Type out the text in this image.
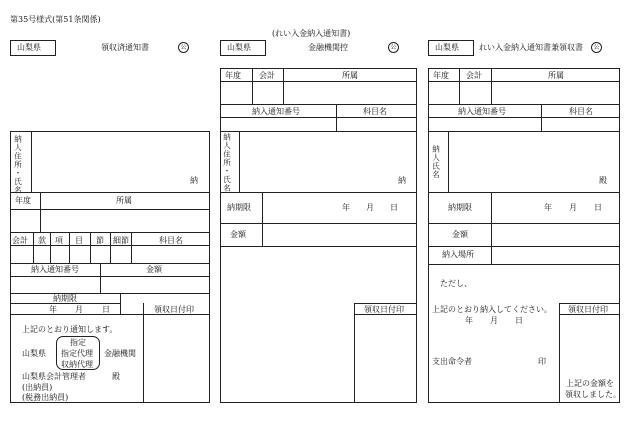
第35号様式(第51条関係)
(れい入金納入通知書)
山梨県	領収済通知書	公
納人住所・氏名	納
年度	所属
会計 款 項 目 節 細節	科目名
納入通知番号	金額
納期限
年 月 日	領収日付印
上記のとおり通知します。
山梨県
指定
指定代理
収納代理
金融機関
山梨県会計管理者	殿
(出納員)
(税務出納員)
山梨県	金融機関控	公
年度 会計	所属
納入通知番号	科目名
納人住所・氏名	納
納期限	年 月 日
金額
領収日付印
山梨県	れい入金納入通知書兼領収書	公
年度 会計	所属
納入通知番号	科目名
納人氏名
殿
納期限	年 月 日
金額
納入場所
ただし、
上記のとおり納入してください。 領収日付印
年 月 日
支出命令者	印
上記の金額を
領収しました。
